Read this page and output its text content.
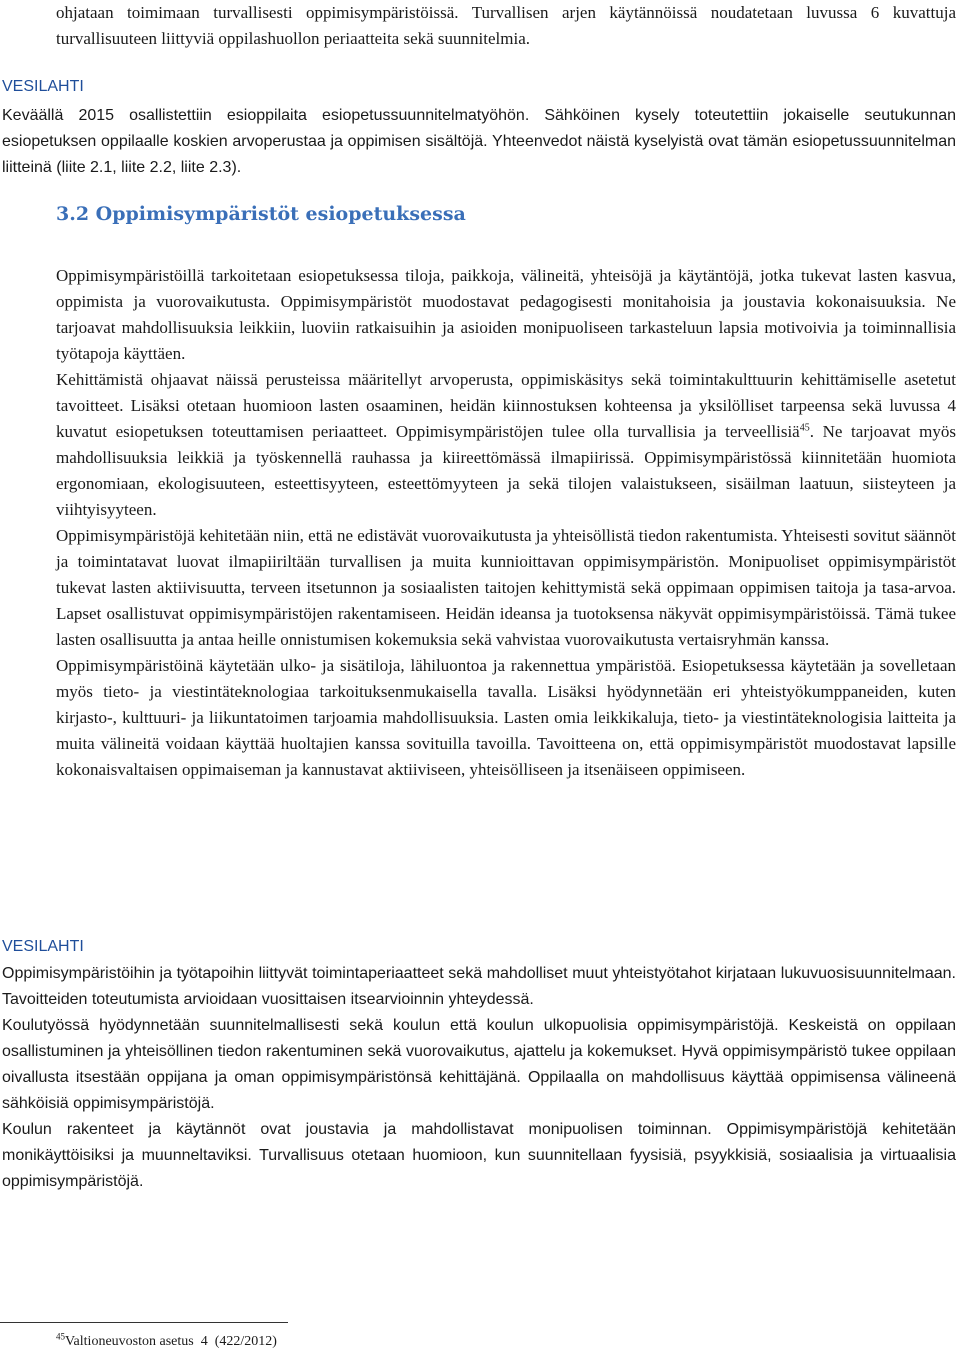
ohjataan toimimaan turvallisesti oppimisympäristöissä. Turvallisen arjen käytännöissä noudatetaan luvussa 6 kuvattuja turvallisuuteen liittyviä oppilashuollon periaatteita sekä suunnitelmia.

VESILAHTI

Keväällä 2015 osallistettiin esioppilaita esiopetussuunnitelmatyöhön. Sähköinen kysely toteutettiin jokaiselle seutukunnan esiopetuksen oppilaalle koskien arvoperustaa ja oppimisen sisältöjä. Yhteenvedot näistä kyselyistä ovat tämän esiopetussuunnitelman liitteinä (liite 2.1, liite 2.2, liite 2.3).

3.2 Oppimisympäristöt esiopetuksessa

Oppimisympäristöillä tarkoitetaan esiopetuksessa tiloja, paikkoja, välineitä, yhteisöjä ja käytäntöjä, jotka tukevat lasten kasvua, oppimista ja vuorovaikutusta. Oppimisympäristöt muodostavat pedagogisesti monitahoisia ja joustavia kokonaisuuksia. Ne tarjoavat mahdollisuuksia leikkiin, luoviin ratkaisuihin ja asioiden monipuoliseen tarkasteluun lapsia motivoivia ja toiminnallisia työtapoja käyttäen.

Kehittämistä ohjaavat näissä perusteissa määritellyt arvoperusta, oppimiskäsitys sekä toimintakulttuurin kehittämiselle asetetut tavoitteet. Lisäksi otetaan huomioon lasten osaaminen, heidän kiinnostuksen kohteensa ja yksilölliset tarpeensa sekä luvussa 4 kuvatut esiopetuksen toteuttamisen periaatteet. Oppimisympäristöjen tulee olla turvallisia ja terveellisiä$^{45}$. Ne tarjoavat myös mahdollisuuksia leikkiä ja työskennellä rauhassa ja kiireettömässä ilmapiirissä. Oppimisympäristössä kiinnitetään huomiota ergonomiaan, ekologisuuteen, esteettisyyteen, esteettömyyteen ja sekä tilojen valaistukseen, sisäilman laatuun, siisteyteen ja viihtyisyyteen.

Oppimisympäristöjä kehitetään niin, että ne edistävät vuorovaikutusta ja yhteisöllistä tiedon rakentumista. Yhteisesti sovitut säännöt ja toimintatavat luovat ilmapiiriltään turvallisen ja muita kunnioittavan oppimisympäristön. Monipuoliset oppimisympäristöt tukevat lasten aktiivisuutta, terveen itsetunnon ja sosiaalisten taitojen kehittymistä sekä oppimaan oppimisen taitoja ja tasa-arvoa. Lapset osallistuvat oppimisympäristöjen rakentamiseen. Heidän ideansa ja tuotoksensa näkyvät oppimisympäristöissä. Tämä tukee lasten osallisuutta ja antaa heille onnistumisen kokemuksia sekä vahvistaa vuorovaikutusta vertaisryhmän kanssa.

Oppimisympäristöinä käytetään ulko- ja sisätiloja, lähiluontoa ja rakennettua ympäristöä. Esiopetuksessa käytetään ja sovelletaan myös tieto- ja viestintäteknologiaa tarkoituksenmukaisella tavalla. Lisäksi hyödynnetään eri yhteistyökumppaneiden, kuten kirjasto-, kulttuuri- ja liikuntatoimen tarjoamia mahdollisuuksia. Lasten omia leikkikaluja, tieto- ja viestintäteknologisia laitteita ja muita välineitä voidaan käyttää huoltajien kanssa sovituilla tavoilla. Tavoitteena on, että oppimisympäristöt muodostavat lapsille kokonaisvaltaisen oppimaiseman ja kannustavat aktiiviseen, yhteisölliseen ja itsenäiseen oppimiseen.

VESILAHTI

Oppimisympäristöihin ja työtapoihin liittyvät toimintaperiaatteet sekä mahdolliset muut yhteistyötahot kirjataan lukuvuosisuunnitelmaan. Tavoitteiden toteutumista arvioidaan vuosittaisen itsearvioinnin yhteydessä.

Koulutyössä hyödynnetään suunnitelmallisesti sekä koulun että koulun ulkopuolisia oppimisympäristöjä. Keskeistä on oppilaan osallistuminen ja yhteisöllinen tiedon rakentuminen sekä vuorovaikutus, ajattelu ja kokemukset. Hyvä oppimisympäristö tukee oppilaan oivallusta itsestään oppijana ja oman oppimisympäristönsä kehittäjänä. Oppilaalla on mahdollisuus käyttää oppimisensa välineenä sähköisiä oppimisympäristöjä.

Koulun rakenteet ja käytännöt ovat joustavia ja mahdollistavat monipuolisen toiminnan. Oppimisympäristöjä kehitetään monikäyttöisiksi ja muunneltaviksi. Turvallisuus otetaan huomioon, kun suunnitellaan fyysisiä, psyykkisiä, sosiaalisia ja virtuaalisia oppimisympäristöjä.

$^{45}$Valtioneuvoston asetus  4  (422/2012)
